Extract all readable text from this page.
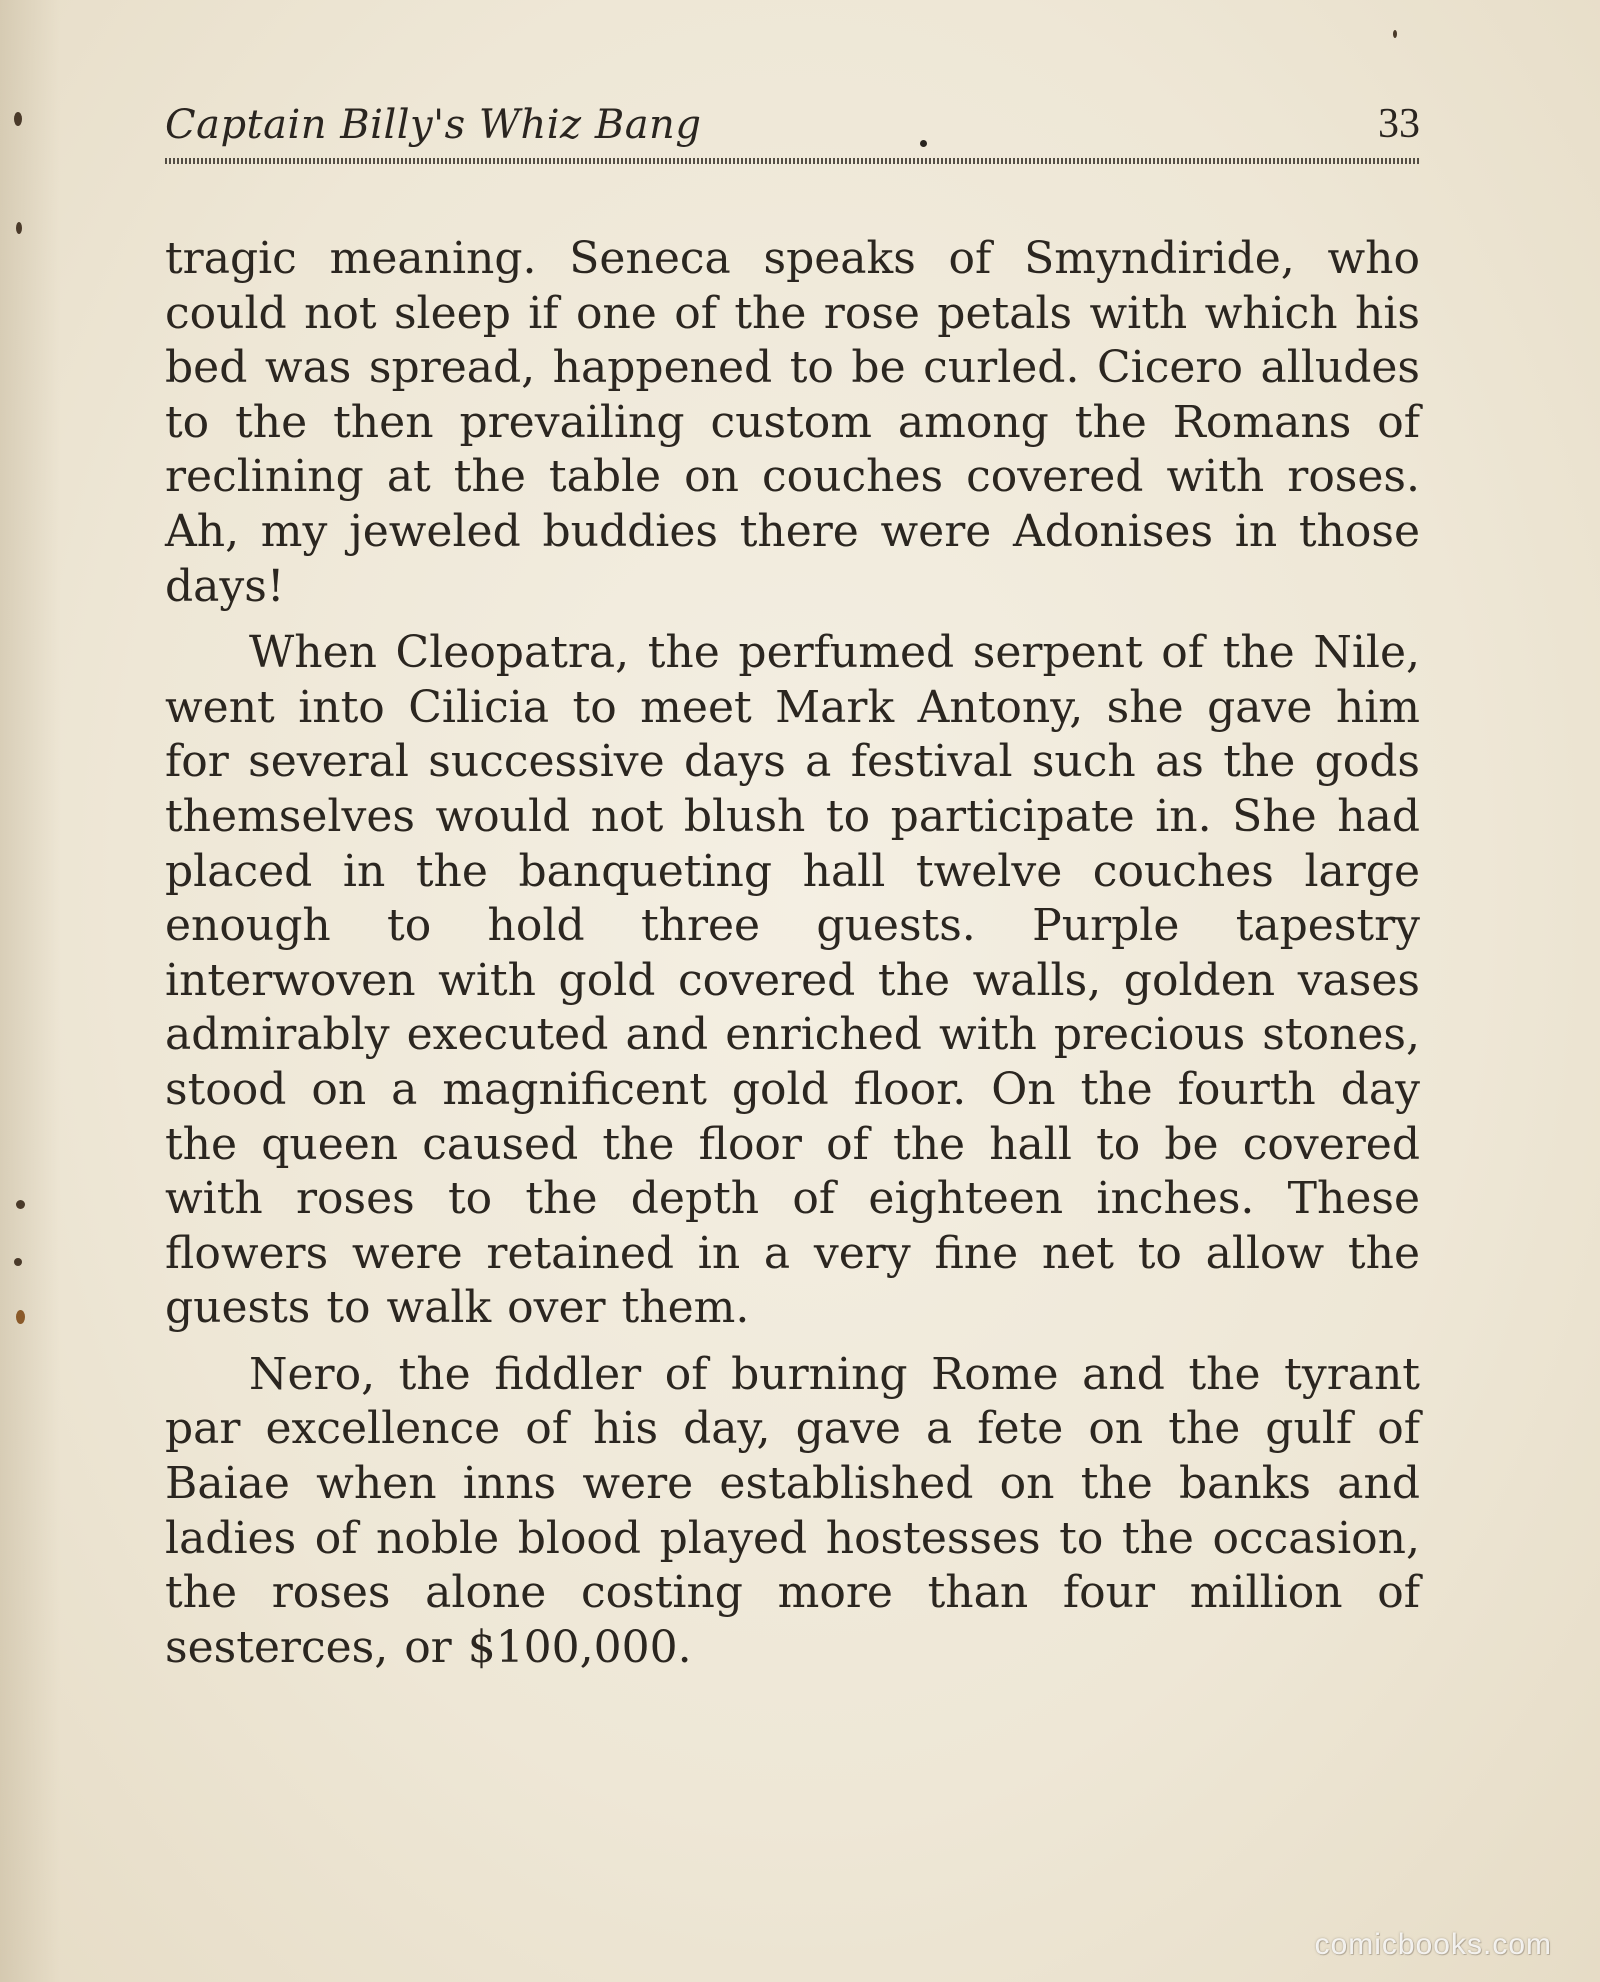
Captain Billy's Whiz Bang	33

tragic meaning. Seneca speaks of Smyndiride, who could not sleep if one of the rose petals with which his bed was spread, happened to be curled. Cicero alludes to the then prevailing custom among the Romans of reclining at the table on couches covered with roses. Ah, my jeweled buddies there were Adonises in those days!

When Cleopatra, the perfumed serpent of the Nile, went into Cilicia to meet Mark Antony, she gave him for several successive days a festival such as the gods themselves would not blush to participate in. She had placed in the banqueting hall twelve couches large enough to hold three guests. Purple tapestry interwoven with gold covered the walls, golden vases admirably executed and enriched with precious stones, stood on a magnificent gold floor. On the fourth day the queen caused the floor of the hall to be covered with roses to the depth of eighteen inches. These flowers were retained in a very fine net to allow the guests to walk over them.

Nero, the fiddler of burning Rome and the tyrant par excellence of his day, gave a fete on the gulf of Baiae when inns were established on the banks and ladies of noble blood played hostesses to the occasion, the roses alone costing more than four million of sesterces, or $100,000.

comicbooks.com
